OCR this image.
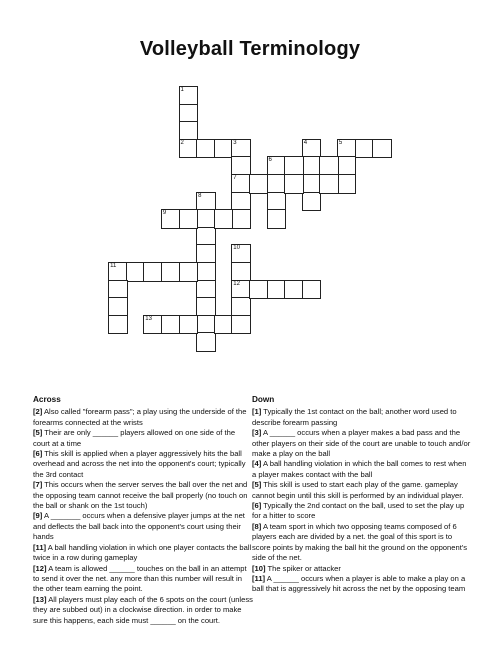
Volleyball Terminology
1
2	3
7
4	5
6
8
9
10
12
11
13
Across
[2] Also called "forearm pass"; a play using the underside of the forearms connected at the wrists
[5] Their are only ______ players allowed on one side of the court at a time
[6] This skill is applied when a player aggressively hits the ball overhead and across the net into the opponent's court; typically the 3rd contact
[7] This occurs when the server serves the ball over the net and the opposing team cannot receive the ball properly (no touch on the ball or shank on the 1st touch)
[9] A _______ occurs when a defensive player jumps at the net and deflects the ball back into the opponent's court using their hands
[11] A ball handling violation in which one player contacts the ball twice in a row during gameplay
[12] A team is allowed ______ touches on the ball in an attempt to send it over the net. any more than this number will result in the other team earning the point.
[13] All players must play each of the 6 spots on the court (unless they are subbed out) in a clockwise direction. in order to make sure this happens, each side must ______ on the court.
Down
[1] Typically the 1st contact on the ball; another word used to describe forearm passing
[3] A ______ occurs when a player makes a bad pass and the other players on their side of the court are unable to touch and/or make a play on the ball
[4] A ball handling violation in which the ball comes to rest when a player makes contact with the ball
[5] This skill is used to start each play of the game. gameplay cannot begin until this skill is performed by an individual player.
[6] Typically the 2nd contact on the ball, used to set the play up for a hitter to score
[8] A team sport in which two opposing teams composed of 6 players each are divided by a net. the goal of this sport is to score points by making the ball hit the ground on the opponent's side of the net.
[10] The spiker or attacker
[11] A ______ occurs when a player is able to make a play on a ball that is aggressively hit across the net by the opposing team
